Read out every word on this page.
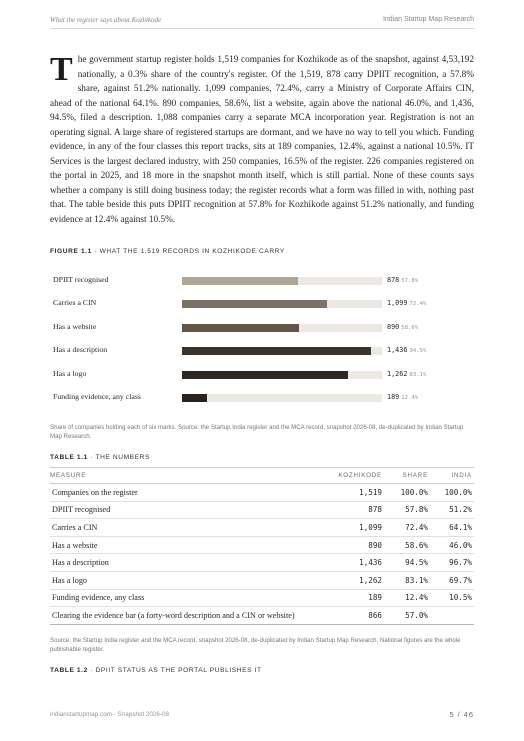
What the register says about Kozhikode	Indian Startup Map Research
The government startup register holds 1,519 companies for Kozhikode as of the snapshot, against 4,53,192 nationally, a 0.3% share of the country's register. Of the 1,519, 878 carry DPIIT recognition, a 57.8% share, against 51.2% nationally. 1,099 companies, 72.4%, carry a Ministry of Corporate Affairs CIN, ahead of the national 64.1%. 890 companies, 58.6%, list a website, again above the national 46.0%, and 1,436, 94.5%, filed a description. 1,088 companies carry a separate MCA incorporation year. Registration is not an operating signal. A large share of registered startups are dormant, and we have no way to tell you which. Funding evidence, in any of the four classes this report tracks, sits at 189 companies, 12.4%, against a national 10.5%. IT Services is the largest declared industry, with 250 companies, 16.5% of the register. 226 companies registered on the portal in 2025, and 18 more in the snapshot month itself, which is still partial. None of these counts says whether a company is still doing business today; the register records what a form was filled in with, nothing past that. The table beside this puts DPIIT recognition at 57.8% for Kozhikode against 51.2% nationally, and funding evidence at 12.4% against 10.5%.
FIGURE 1.1 · WHAT THE 1,519 RECORDS IN KOZHIKODE CARRY
DPIIT recognised	878 57.8%
Carries a CIN	1,099 72.4%
Has a website	890 58.6%
Has a description	1,436 94.5%
Has a logo	1,262 83.1%
Funding evidence, any class	189 12.4%
Share of companies holding each of six marks. Source: the Startup India register and the MCA record, snapshot 2026-08, de-duplicated by Indian Startup Map Research.
TABLE 1.1 · THE NUMBERS
MEASURE	KOZHIKODE	SHARE	INDIA
Companies on the register	1,519	100.0%	100.0%
DPIIT recognised	878	57.8%	51.2%
Carries a CIN	1,099	72.4%	64.1%
Has a website	890	58.6%	46.0%
Has a description	1,436	94.5%	96.7%
Has a logo	1,262	83.1%	69.7%
Funding evidence, any class	189	12.4%	10.5%
Clearing the evidence bar (a forty-word description and a CIN or website)	866	57.0%	
Source: the Startup India register and the MCA record, snapshot 2026-08, de-duplicated by Indian Startup Map Research. National figures are the whole publishable register.
TABLE 1.2 · DPIIT STATUS AS THE PORTAL PUBLISHES IT
indianstartupmap.com · Snapshot 2026-08	5 / 46
